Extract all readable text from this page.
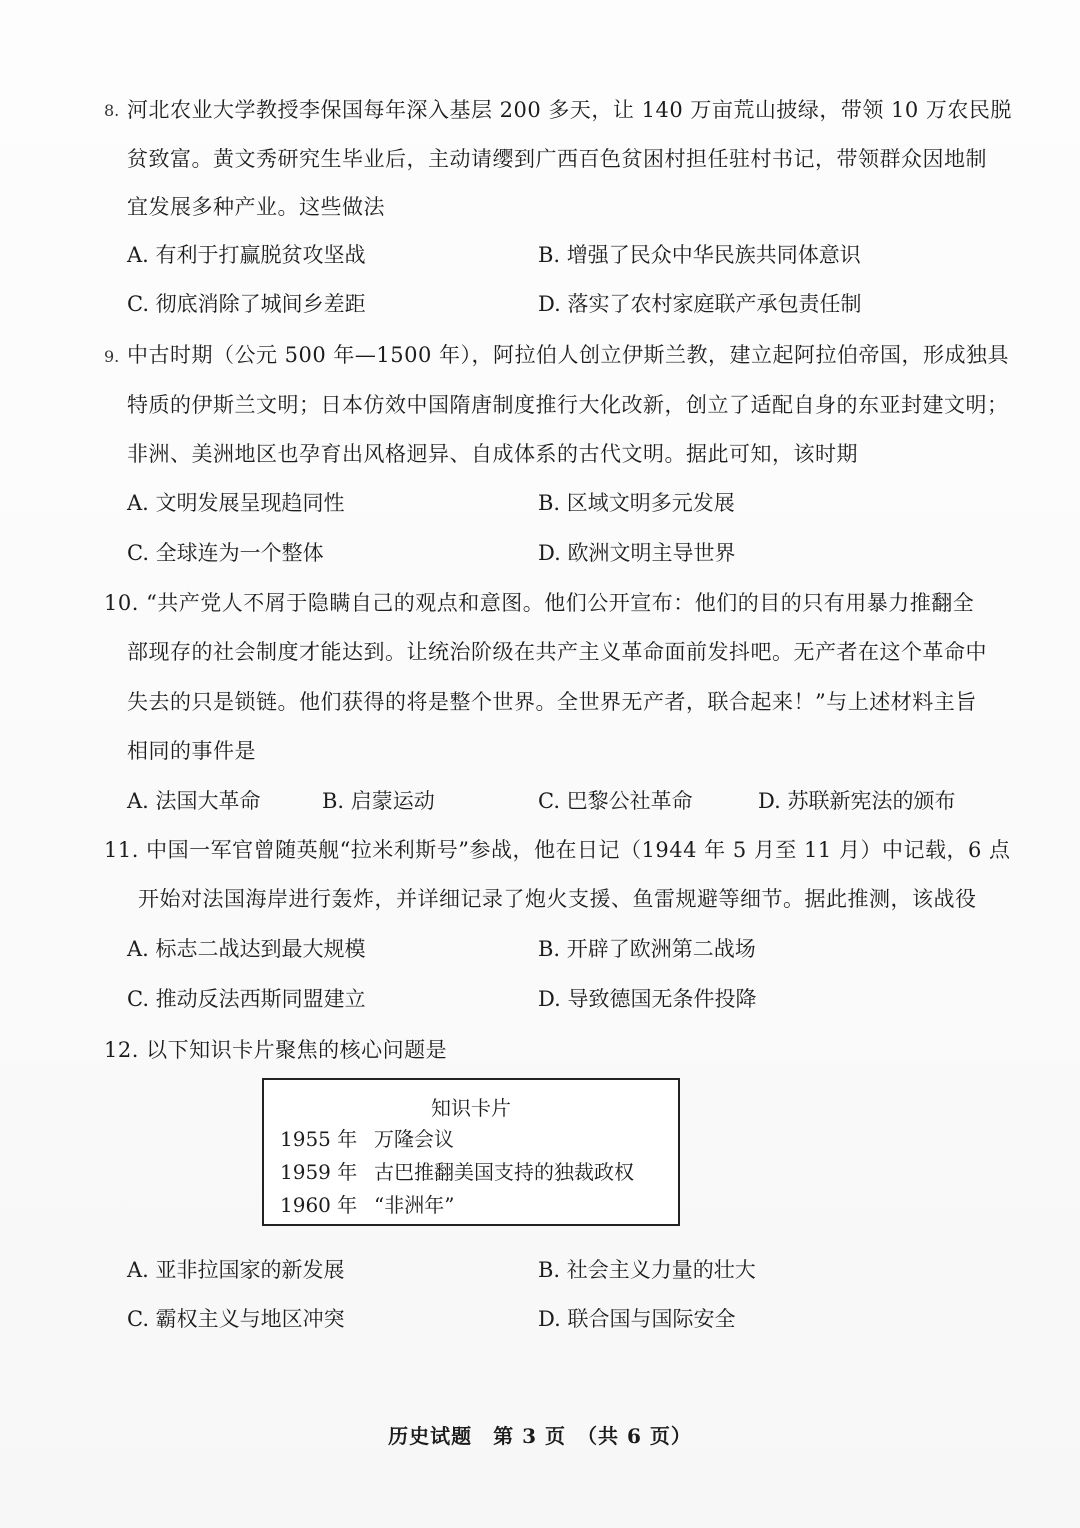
8. 河北农业大学教授李保国每年深入基层 200 多天，让 140 万亩荒山披绿，带领 10 万农民脱
贫致富。黄文秀研究生毕业后，主动请缨到广西百色贫困村担任驻村书记，带领群众因地制
宜发展多种产业。这些做法
A. 有利于打赢脱贫攻坚战	B. 增强了民众中华民族共同体意识
C. 彻底消除了城间乡差距	D. 落实了农村家庭联产承包责任制
9. 中古时期（公元 500 年—1500 年），阿拉伯人创立伊斯兰教，建立起阿拉伯帝国，形成独具
特质的伊斯兰文明；日本仿效中国隋唐制度推行大化改新，创立了适配自身的东亚封建文明；
非洲、美洲地区也孕育出风格迥异、自成体系的古代文明。据此可知，该时期
A. 文明发展呈现趋同性	B. 区域文明多元发展
C. 全球连为一个整体	D. 欧洲文明主导世界
10. “共产党人不屑于隐瞒自己的观点和意图。他们公开宣布：他们的目的只有用暴力推翻全
部现存的社会制度才能达到。让统治阶级在共产主义革命面前发抖吧。无产者在这个革命中
失去的只是锁链。他们获得的将是整个世界。全世界无产者，联合起来！”与上述材料主旨
相同的事件是
A. 法国大革命	B. 启蒙运动	C. 巴黎公社革命	D. 苏联新宪法的颁布
11. 中国一军官曾随英舰“拉米利斯号”参战，他在日记（1944 年 5 月至 11 月）中记载，6 点
开始对法国海岸进行轰炸，并详细记录了炮火支援、鱼雷规避等细节。据此推测，该战役
A. 标志二战达到最大规模	B. 开辟了欧洲第二战场
C. 推动反法西斯同盟建立	D. 导致德国无条件投降
12. 以下知识卡片聚焦的核心问题是
知识卡片
1955 年 万隆会议
1959 年 古巴推翻美国支持的独裁政权
1960 年 “非洲年”
A. 亚非拉国家的新发展	B. 社会主义力量的壮大
C. 霸权主义与地区冲突	D. 联合国与国际安全
历史试题　第 3 页　（共 6 页）
